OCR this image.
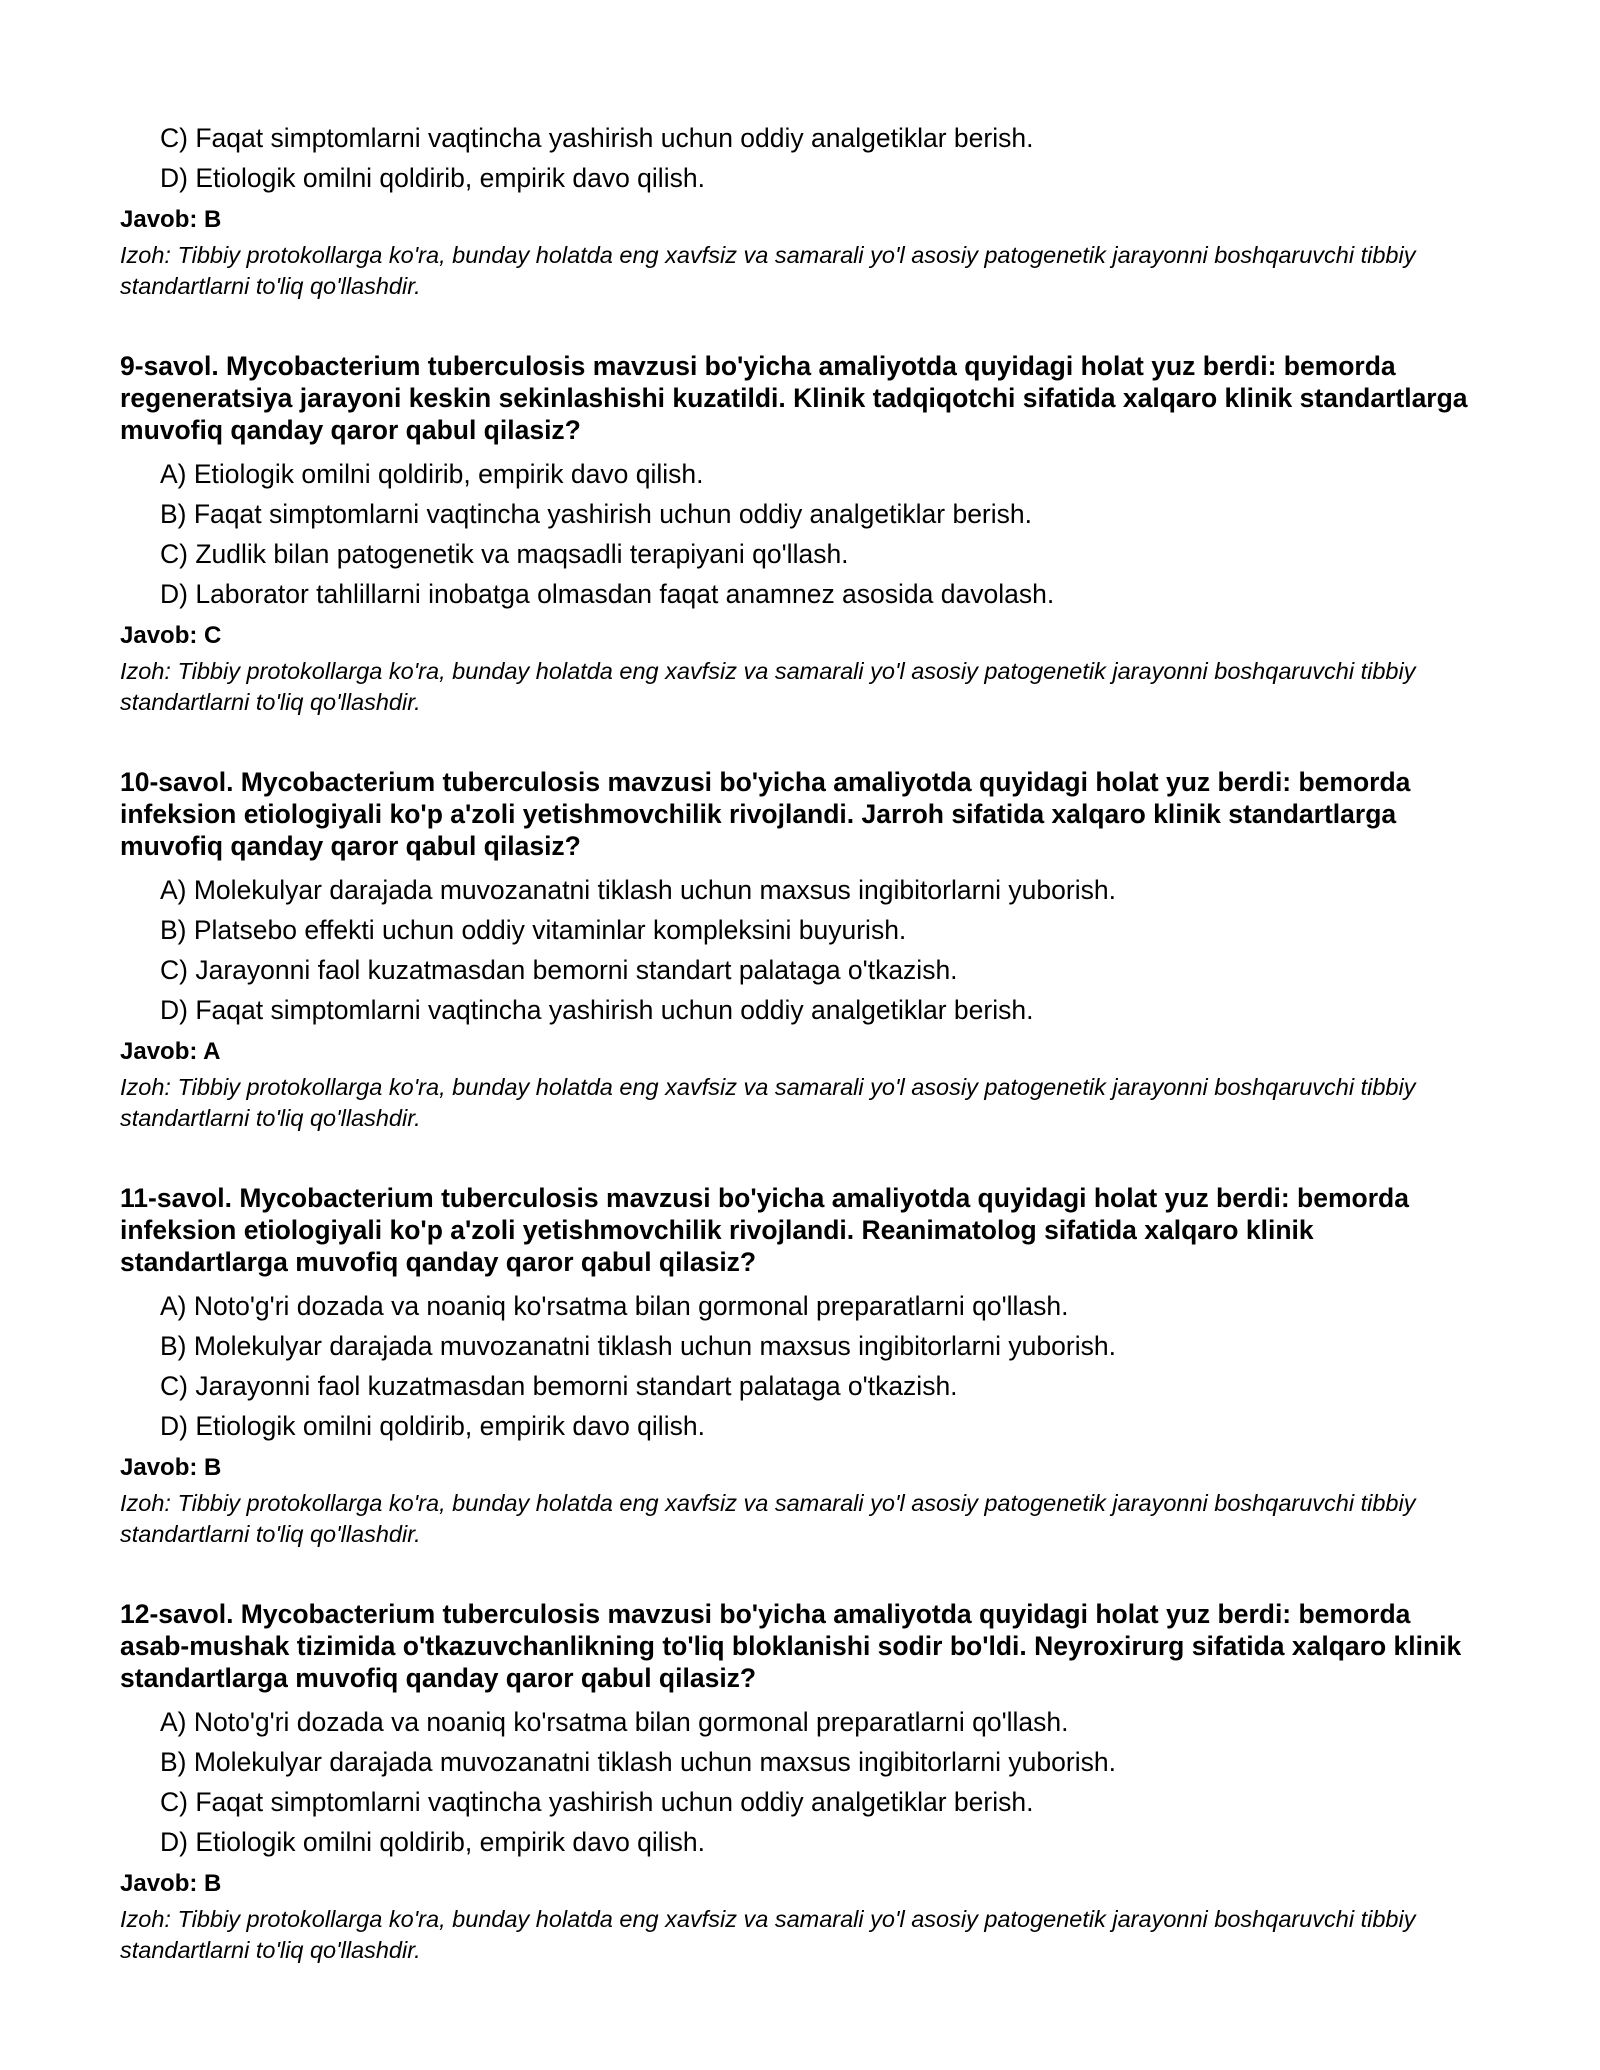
C) Faqat simptomlarni vaqtincha yashirish uchun oddiy analgetiklar berish.
D) Etiologik omilni qoldirib, empirik davo qilish.
Javob: B
Izoh: Tibbiy protokollarga ko'ra, bunday holatda eng xavfsiz va samarali yo'l asosiy patogenetik jarayonni boshqaruvchi tibbiy standartlarni to'liq qo'llashdir.
9-savol. Mycobacterium tuberculosis mavzusi bo'yicha amaliyotda quyidagi holat yuz berdi: bemorda regeneratsiya jarayoni keskin sekinlashishi kuzatildi. Klinik tadqiqotchi sifatida xalqaro klinik standartlarga muvofiq qanday qaror qabul qilasiz?
A) Etiologik omilni qoldirib, empirik davo qilish.
B) Faqat simptomlarni vaqtincha yashirish uchun oddiy analgetiklar berish.
C) Zudlik bilan patogenetik va maqsadli terapiyani qo'llash.
D) Laborator tahlillarni inobatga olmasdan faqat anamnez asosida davolash.
Javob: C
Izoh: Tibbiy protokollarga ko'ra, bunday holatda eng xavfsiz va samarali yo'l asosiy patogenetik jarayonni boshqaruvchi tibbiy standartlarni to'liq qo'llashdir.
10-savol. Mycobacterium tuberculosis mavzusi bo'yicha amaliyotda quyidagi holat yuz berdi: bemorda infeksion etiologiyali ko'p a'zoli yetishmovchilik rivojlandi. Jarroh sifatida xalqaro klinik standartlarga muvofiq qanday qaror qabul qilasiz?
A) Molekulyar darajada muvozanatni tiklash uchun maxsus ingibitorlarni yuborish.
B) Platsebo effekti uchun oddiy vitaminlar kompleksini buyurish.
C) Jarayonni faol kuzatmasdan bemorni standart palataga o'tkazish.
D) Faqat simptomlarni vaqtincha yashirish uchun oddiy analgetiklar berish.
Javob: A
Izoh: Tibbiy protokollarga ko'ra, bunday holatda eng xavfsiz va samarali yo'l asosiy patogenetik jarayonni boshqaruvchi tibbiy standartlarni to'liq qo'llashdir.
11-savol. Mycobacterium tuberculosis mavzusi bo'yicha amaliyotda quyidagi holat yuz berdi: bemorda infeksion etiologiyali ko'p a'zoli yetishmovchilik rivojlandi. Reanimatolog sifatida xalqaro klinik standartlarga muvofiq qanday qaror qabul qilasiz?
A) Noto'g'ri dozada va noaniq ko'rsatma bilan gormonal preparatlarni qo'llash.
B) Molekulyar darajada muvozanatni tiklash uchun maxsus ingibitorlarni yuborish.
C) Jarayonni faol kuzatmasdan bemorni standart palataga o'tkazish.
D) Etiologik omilni qoldirib, empirik davo qilish.
Javob: B
Izoh: Tibbiy protokollarga ko'ra, bunday holatda eng xavfsiz va samarali yo'l asosiy patogenetik jarayonni boshqaruvchi tibbiy standartlarni to'liq qo'llashdir.
12-savol. Mycobacterium tuberculosis mavzusi bo'yicha amaliyotda quyidagi holat yuz berdi: bemorda asab-mushak tizimida o'tkazuvchanlikning to'liq bloklanishi sodir bo'ldi. Neyroxirurg sifatida xalqaro klinik standartlarga muvofiq qanday qaror qabul qilasiz?
A) Noto'g'ri dozada va noaniq ko'rsatma bilan gormonal preparatlarni qo'llash.
B) Molekulyar darajada muvozanatni tiklash uchun maxsus ingibitorlarni yuborish.
C) Faqat simptomlarni vaqtincha yashirish uchun oddiy analgetiklar berish.
D) Etiologik omilni qoldirib, empirik davo qilish.
Javob: B
Izoh: Tibbiy protokollarga ko'ra, bunday holatda eng xavfsiz va samarali yo'l asosiy patogenetik jarayonni boshqaruvchi tibbiy standartlarni to'liq qo'llashdir.
